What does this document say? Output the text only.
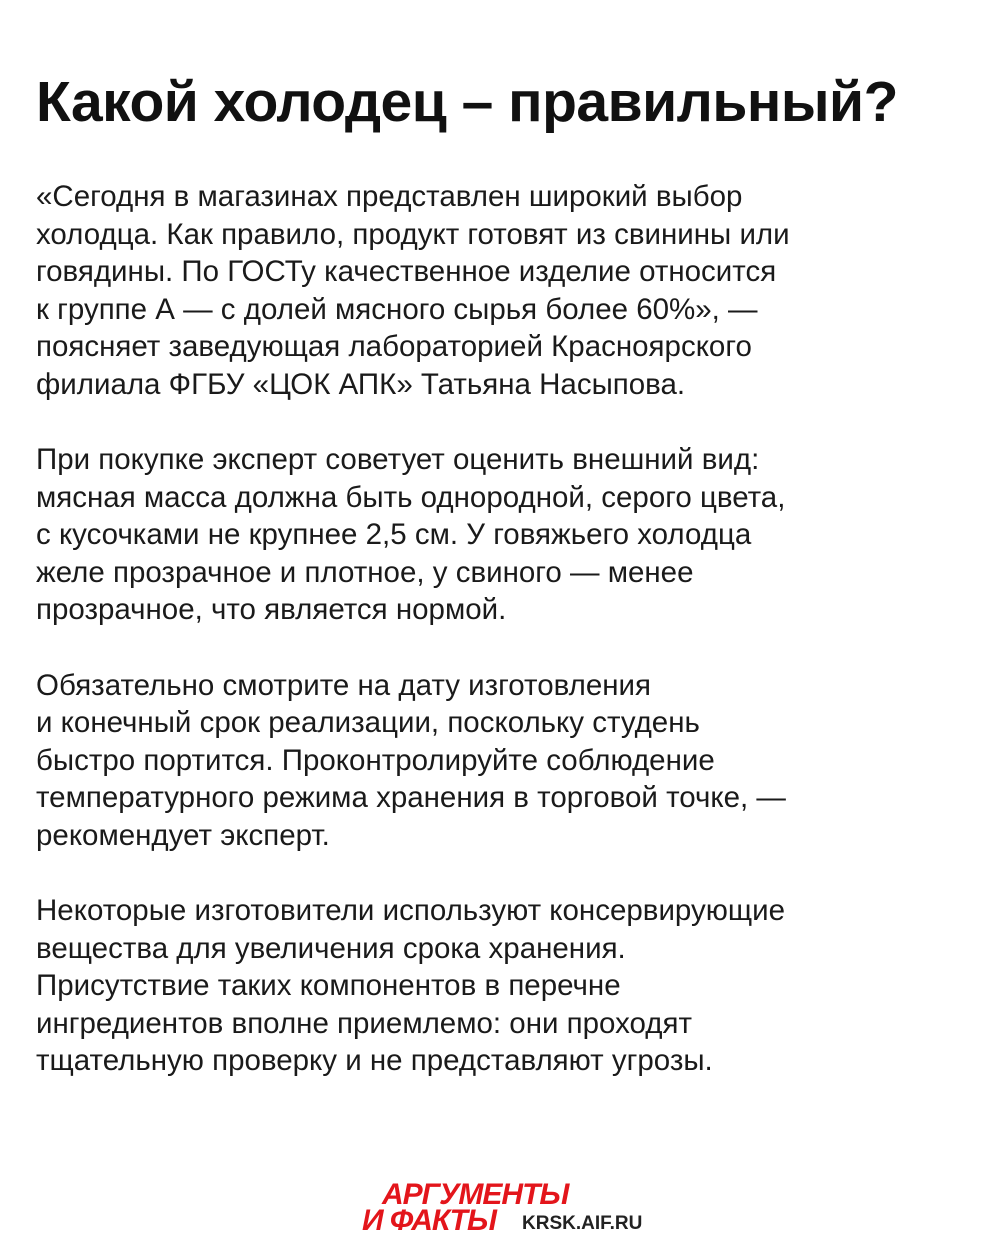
Какой холодец – правильный?

«Сегодня в магазинах представлен широкий выбор
холодца. Как правило, продукт готовят из свинины или
говядины. По ГОСТу качественное изделие относится
к группе А — с долей мясного сырья более 60%», —
поясняет заведующая лабораторией Красноярского
филиала ФГБУ «ЦОК АПК» Татьяна Насыпова.

При покупке эксперт советует оценить внешний вид:
мясная масса должна быть однородной, серого цвета,
с кусочками не крупнее 2,5 см. У говяжьего холодца
желе прозрачное и плотное, у свиного — менее
прозрачное, что является нормой.

Обязательно смотрите на дату изготовления
и конечный срок реализации, поскольку студень
быстро портится. Проконтролируйте соблюдение
температурного режима хранения в торговой точке, —
рекомендует эксперт.

Некоторые изготовители используют консервирующие
вещества для увеличения срока хранения.
Присутствие таких компонентов в перечне
ингредиентов вполне приемлемо: они проходят
тщательную проверку и не представляют угрозы.

АРГУМЕНТЫ
И ФАКТЫ KRSK.AIF.RU
